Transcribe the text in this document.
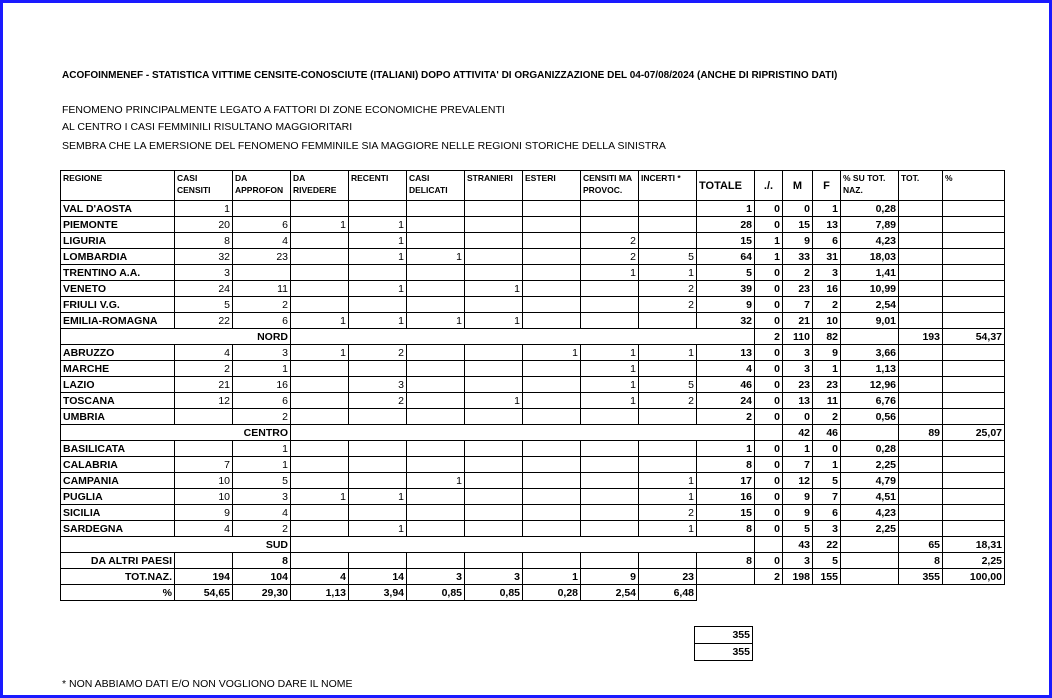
ACOFOINMENEF - STATISTICA VITTIME CENSITE-CONOSCIUTE (ITALIANI) DOPO ATTIVITA' DI ORGANIZZAZIONE DEL 04-07/08/2024 (ANCHE DI RIPRISTINO DATI)
FENOMENO PRINCIPALMENTE LEGATO A FATTORI DI ZONE ECONOMICHE PREVALENTI
AL CENTRO I CASI FEMMINILI RISULTANO MAGGIORITARI
SEMBRA CHE LA EMERSIONE DEL FENOMENO FEMMINILE SIA MAGGIORE NELLE REGIONI STORICHE DELLA SINISTRA
REGIONE	CASI CENSITI	DA APPROFON	DA RIVEDERE	RECENTI	CASI DELICATI	STRANIERI	ESTERI	CENSITI MA PROVOC.	INCERTI *	TOTALE	./.	M	F	% SU TOT. NAZ.	TOT.	%
VAL D'AOSTA	1									1	0	0	1	0,28		
PIEMONTE	20	6	1	1						28	0	15	13	7,89		
LIGURIA	8	4		1				2		15	1	9	6	4,23		
LOMBARDIA	32	23		1	1			2	5	64	1	33	31	18,03		
TRENTINO A.A.	3							1	1	5	0	2	3	1,41		
VENETO	24	11		1		1			2	39	0	23	16	10,99		
FRIULI V.G.	5	2							2	9	0	7	2	2,54		
EMILIA-ROMAGNA	22	6	1	1	1	1				32	0	21	10	9,01		
NORD											2	110	82		193	54,37
ABRUZZO	4	3	1	2			1	1	1	13	0	3	9	3,66		
MARCHE	2	1						1		4	0	3	1	1,13		
LAZIO	21	16		3				1	5	46	0	23	23	12,96		
TOSCANA	12	6		2		1		1	2	24	0	13	11	6,76		
UMBRIA		2								2	0	0	2	0,56		
CENTRO												42	46		89	25,07
BASILICATA		1								1	0	1	0	0,28		
CALABRIA	7	1								8	0	7	1	2,25		
CAMPANIA	10	5			1				1	17	0	12	5	4,79		
PUGLIA	10	3	1	1					1	16	0	9	7	4,51		
SICILIA	9	4							2	15	0	9	6	4,23		
SARDEGNA	4	2		1					1	8	0	5	3	2,25		
SUD												43	22		65	18,31
DA ALTRI PAESI		8								8	0	3	5		8	2,25
TOT.NAZ.	194	104	4	14	3	3	1	9	23		2	198	155		355	100,00
%	54,65	29,30	1,13	3,94	0,85	0,85	0,28	2,54	6,48							
355
355
* NON ABBIAMO DATI E/O NON VOGLIONO DARE IL NOME
